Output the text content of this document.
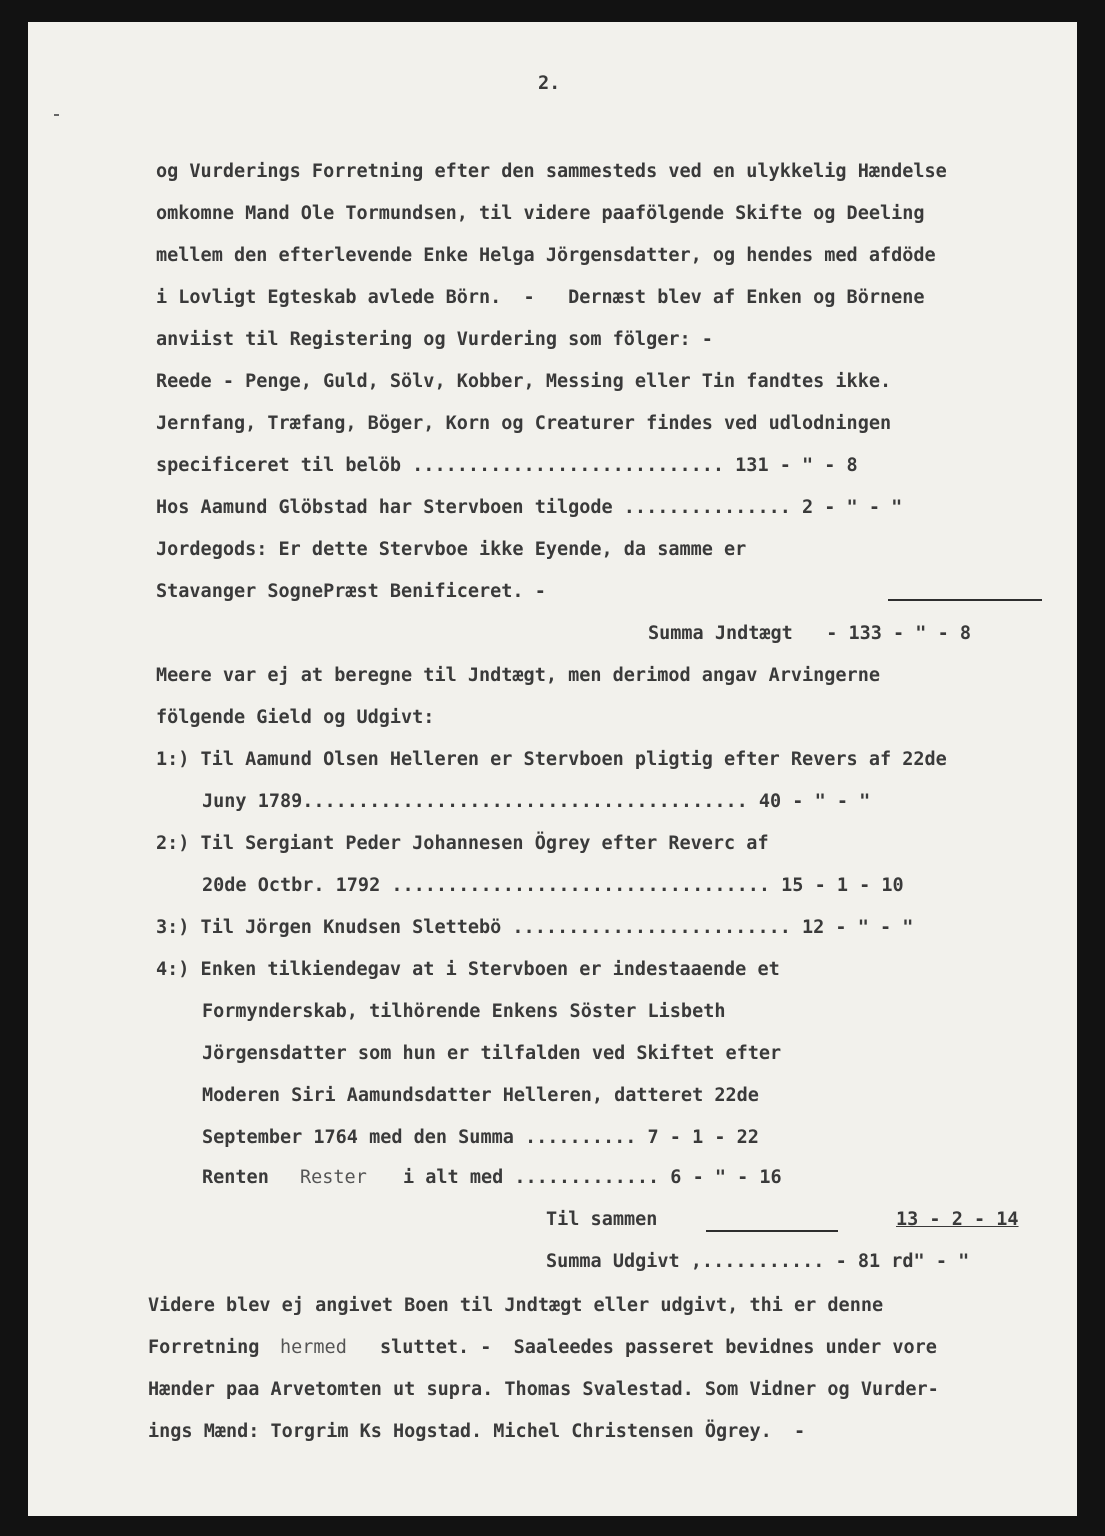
2.
og Vurderings Forretning efter den sammesteds ved en ulykkelig Hændelse
omkomne Mand Ole Tormundsen, til videre paafölgende Skifte og Deeling
mellem den efterlevende Enke Helga Jörgensdatter, og hendes med afdöde
i Lovligt Egteskab avlede Börn.  -   Dernæst blev af Enken og Börnene
anviist til Registering og Vurdering som fölger: -
Reede - Penge, Guld, Sölv, Kobber, Messing eller Tin fandtes ikke.
Jernfang, Træfang, Böger, Korn og Creaturer findes ved udlodningen
specificeret til belöb ............................ 131 - " - 8
Hos Aamund Glöbstad har Stervboen tilgode ............... 2 - " - "
Jordegods: Er dette Stervboe ikke Eyende, da samme er
Stavanger SognePræst Benificeret. -
Summa Jndtægt   - 133 - " - 8
Meere var ej at beregne til Jndtægt, men derimod angav Arvingerne
fölgende Gield og Udgivt:
1:) Til Aamund Olsen Helleren er Stervboen pligtig efter Revers af 22de
Juny 1789........................................ 40 - " - "
2:) Til Sergiant Peder Johannesen Ögrey efter Reverc af
20de Octbr. 1792 .................................. 15 - 1 - 10
3:) Til Jörgen Knudsen Slettebö ......................... 12 - " - "
4:) Enken tilkiendegav at i Stervboen er indestaaende et
Formynderskab, tilhörende Enkens Söster Lisbeth
Jörgensdatter som hun er tilfalden ved Skiftet efter
Moderen Siri Aamundsdatter Helleren, datteret 22de
September 1764 med den Summa .......... 7 - 1 - 22
Renten Rester i alt med ............. 6 - " - 16
Til sammen	13 - 2 - 14
Summa Udgivt ,........... - 81 rd" - "
Videre blev ej angivet Boen til Jndtægt eller udgivt, thi er denne
Forretning hermed sluttet. -  Saaleedes passeret bevidnes under vore
Hænder paa Arvetomten ut supra. Thomas Svalestad. Som Vidner og Vurder-
ings Mænd: Torgrim Ks Hogstad. Michel Christensen Ögrey.  -
